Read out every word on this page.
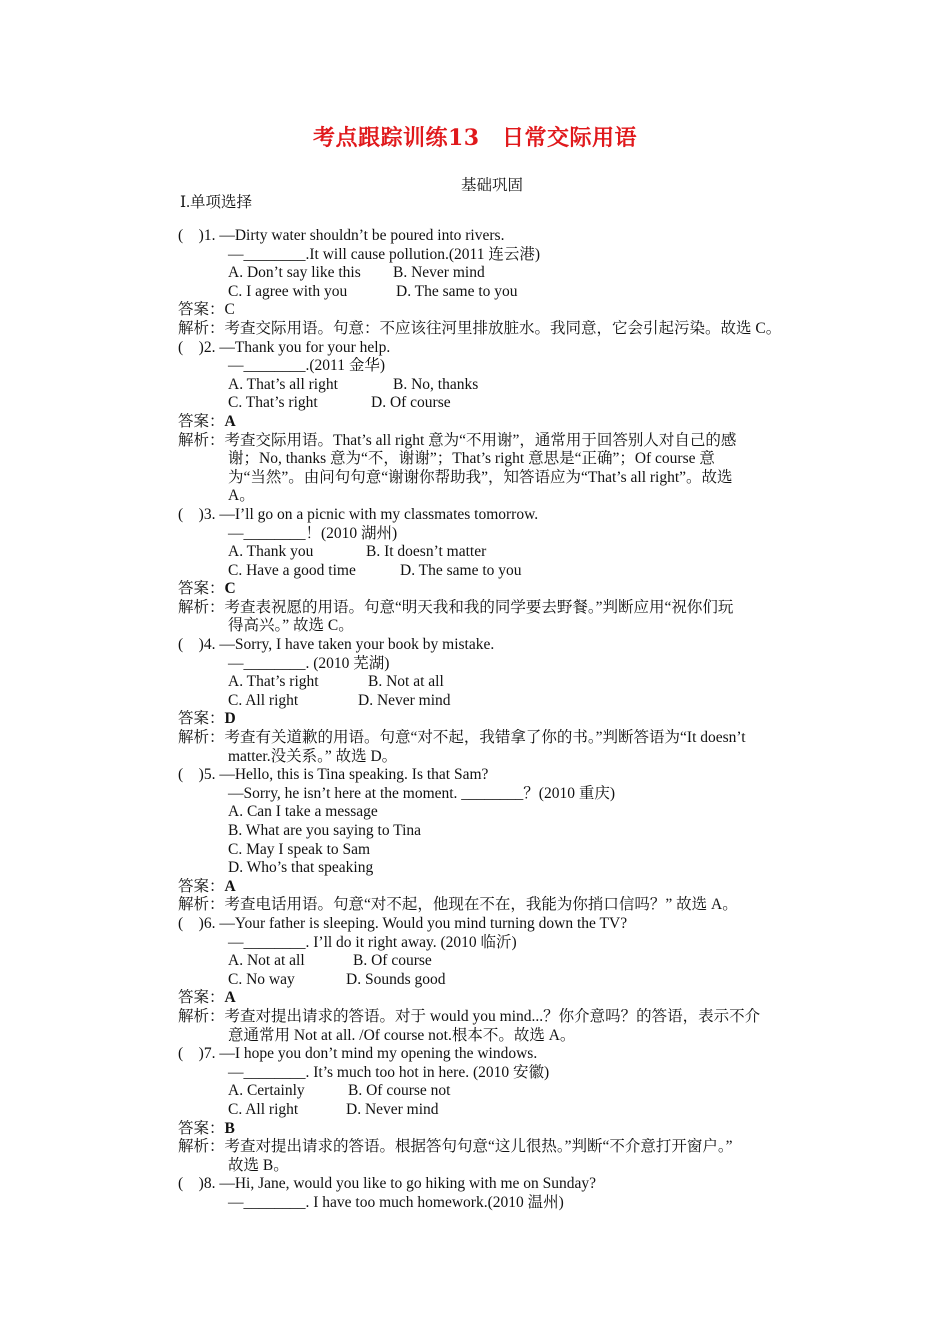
考点跟踪训练13　日常交际用语
基础巩固
Ⅰ.单项选择
(　)1. —Dirty water shouldn’t be poured into rivers.
—________.It will cause pollution.(2011 连云港)
A. Don’t say like this B. Never mind
C. I agree with you	D. The same to you
答案：C
解析：考查交际用语。句意：不应该往河里排放脏水。我同意，它会引起污染。故选 C。
(　)2. —Thank you for your help.
—________.(2011 金华)
A. That’s all right	B. No, thanks
C. That’s right	D. Of course
答案：A
解析：考查交际用语。That’s all right 意为“不用谢”，通常用于回答别人对自己的感
谢；No, thanks 意为“不，谢谢”；That’s right 意思是“正确”；Of course 意
为“当然”。由问句句意“谢谢你帮助我”，知答语应为“That’s all right”。故选
A。
(　)3. —I’ll go on a picnic with my classmates tomorrow.
—________！(2010 湖州)
A. Thank you	B. It doesn’t matter
C. Have a good time	D. The same to you
答案：C
解析：考查表祝愿的用语。句意“明天我和我的同学要去野餐。”判断应用“祝你们玩
得高兴。” 故选 C。
(　)4. —Sorry, I have taken your book by mistake.
—________. (2010 芜湖)
A. That’s right	B. Not at all
C. All right	D. Never mind
答案：D
解析：考查有关道歉的用语。句意“对不起，我错拿了你的书。”判断答语为“It doesn’t
matter.没关系。” 故选 D。
(　)5. —Hello, this is Tina speaking. Is that Sam?
—Sorry, he isn’t here at the moment. ________？(2010 重庆)
A. Can I take a message
B. What are you saying to Tina
C. May I speak to Sam
D. Who’s that speaking
答案：A
解析：考查电话用语。句意“对不起，他现在不在，我能为你捎口信吗？” 故选 A。
(　)6. —Your father is sleeping. Would you mind turning down the TV?
—________. I’ll do it right away. (2010 临沂)
A. Not at all	B. Of course
C. No way	D. Sounds good
答案：A
解析：考查对提出请求的答语。对于 would you mind...？你介意吗？的答语，表示不介
意通常用 Not at all. /Of course not.根本不。故选 A。
(　)7. —I hope you don’t mind my opening the windows.
—________. It’s much too hot in here. (2010 安徽)
A. Certainly	B. Of course not
C. All right	D. Never mind
答案：B
解析：考查对提出请求的答语。根据答句句意“这儿很热。”判断“不介意打开窗户。”
故选 B。
(　)8. —Hi, Jane, would you like to go hiking with me on Sunday?
—________. I have too much homework.(2010 温州)
